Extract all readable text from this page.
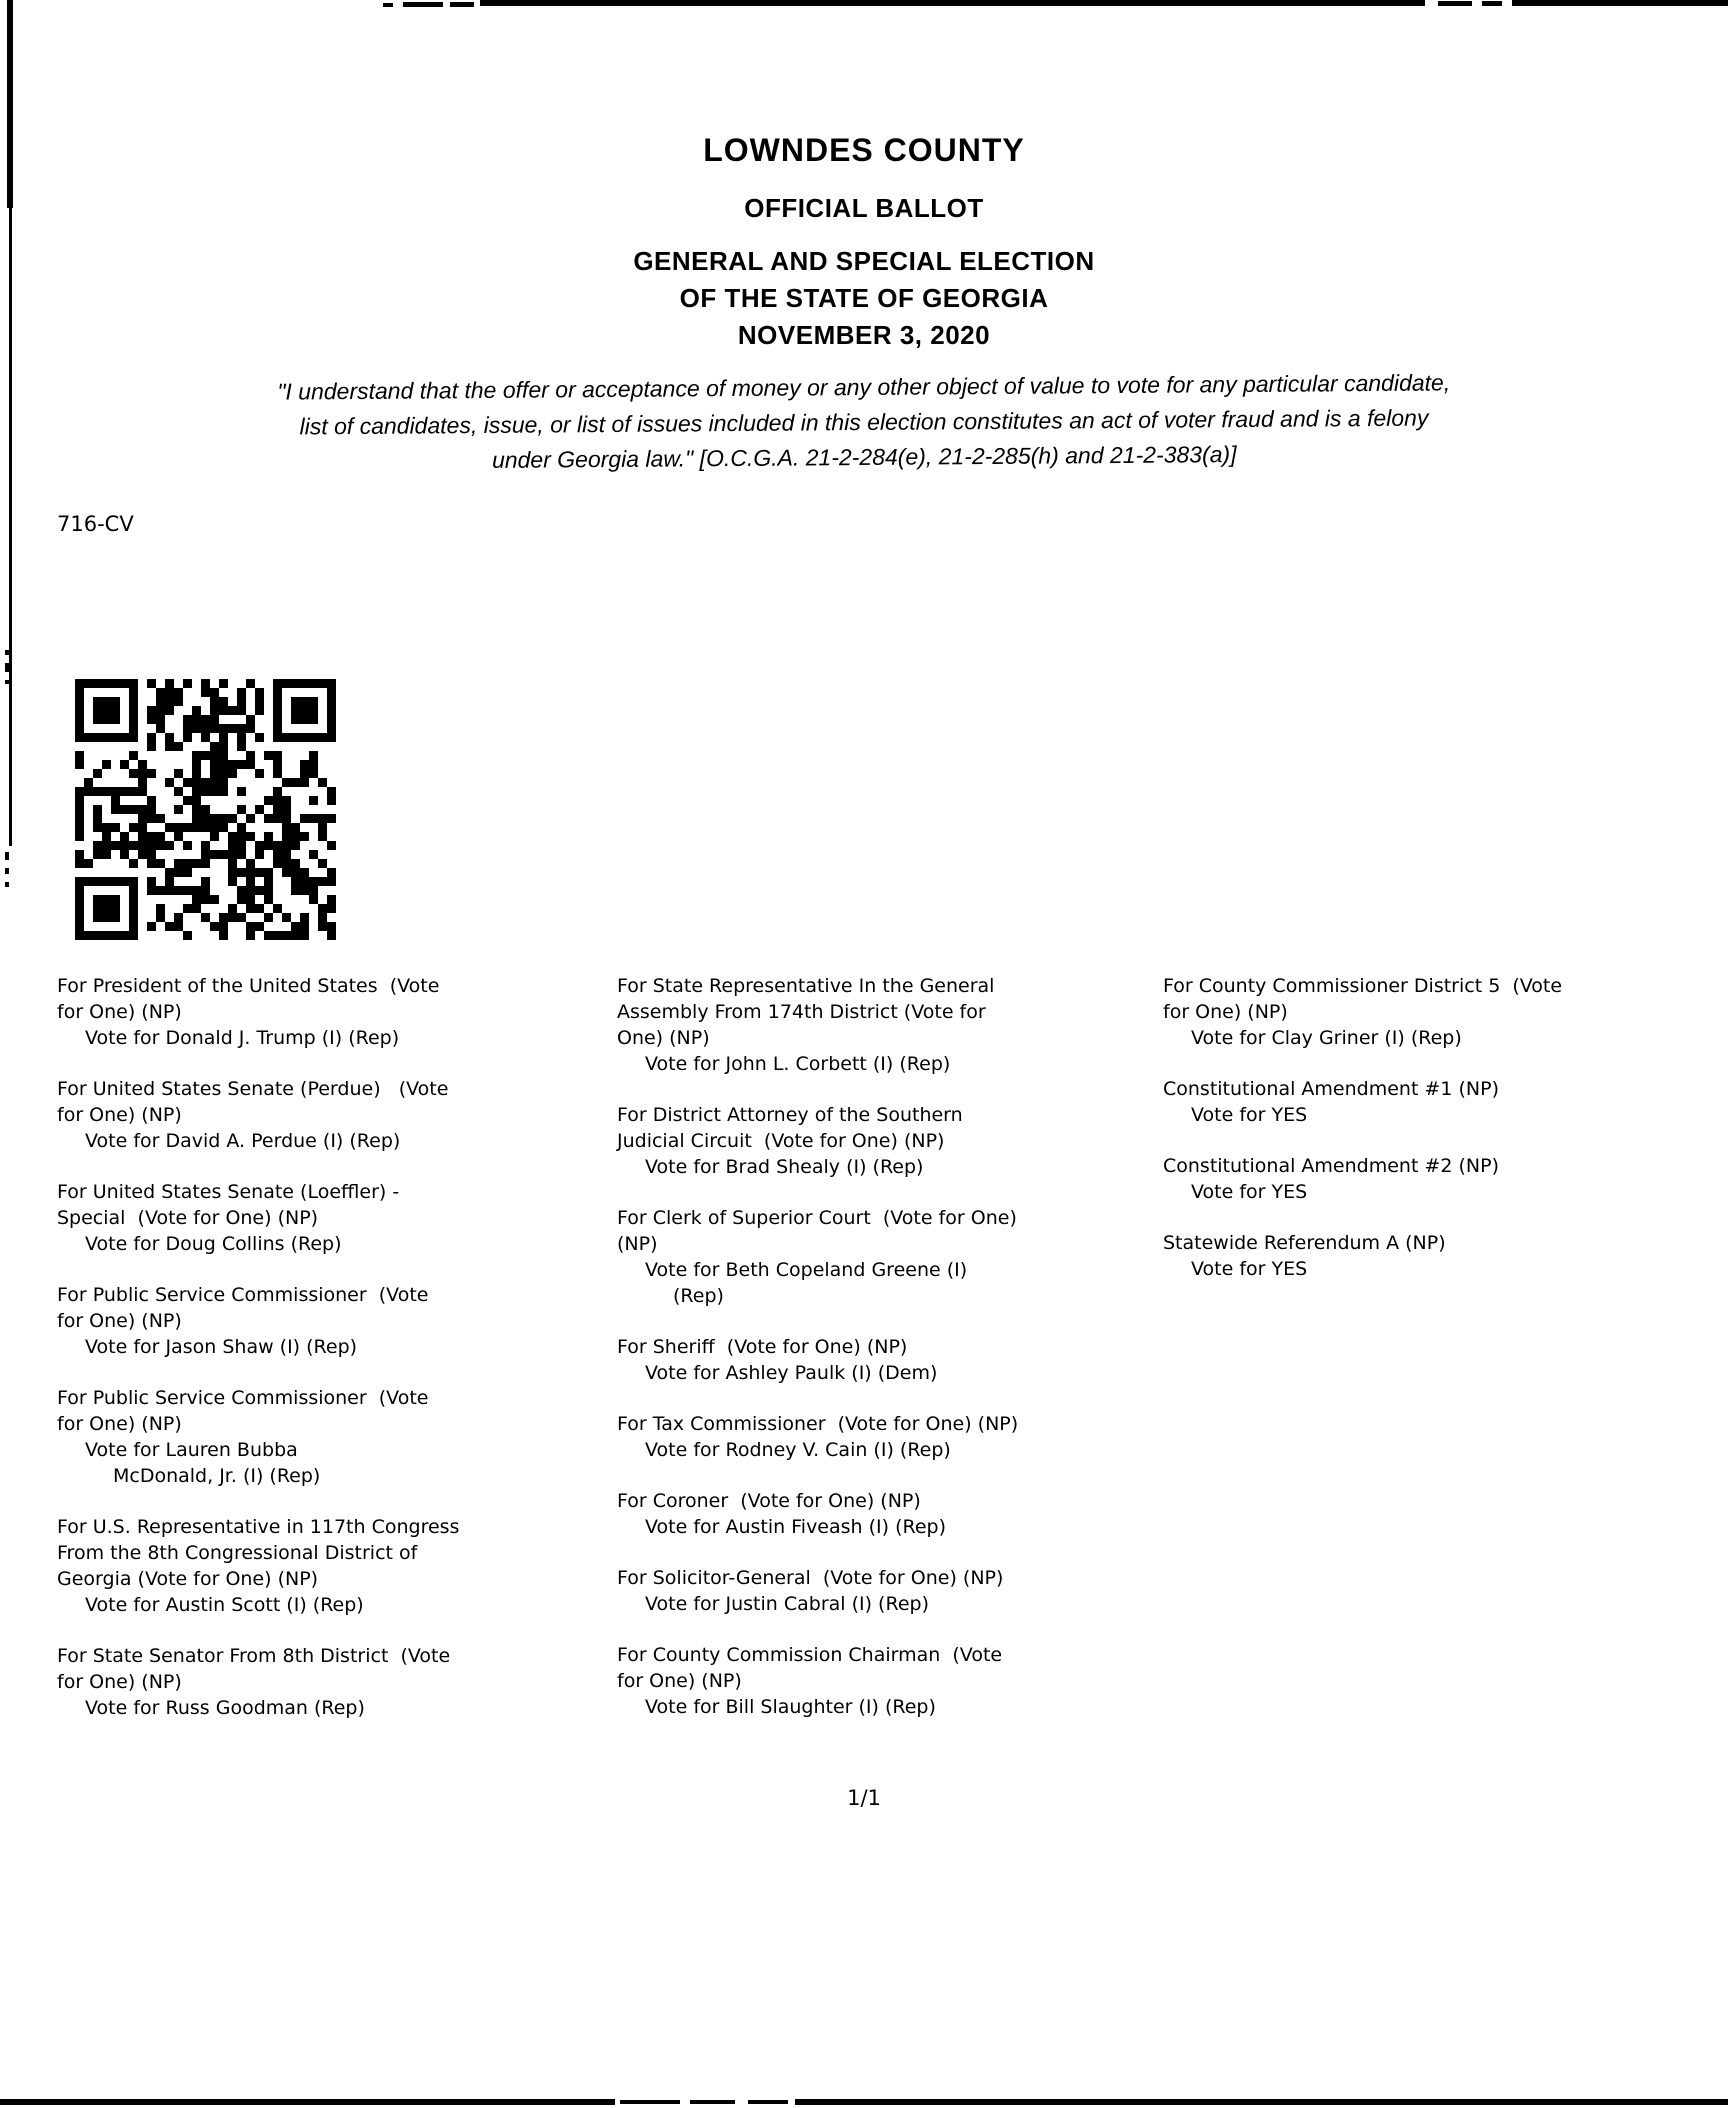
LOWNDES COUNTY
OFFICIAL BALLOT
GENERAL AND SPECIAL ELECTION
OF THE STATE OF GEORGIA
NOVEMBER 3, 2020
"I understand that the offer or acceptance of money or any other object of value to vote for any particular candidate,
list of candidates, issue, or list of issues included in this election constitutes an act of voter fraud and is a felony
under Georgia law." [O.C.G.A. 21-2-284(e), 21-2-285(h) and 21-2-383(a)]
716-CV
For President of the United States  (Vote
for One) (NP)
Vote for Donald J. Trump (I) (Rep)
For United States Senate (Perdue)   (Vote
for One) (NP)
Vote for David A. Perdue (I) (Rep)
For United States Senate (Loeffler) -
Special  (Vote for One) (NP)
Vote for Doug Collins (Rep)
For Public Service Commissioner  (Vote
for One) (NP)
Vote for Jason Shaw (I) (Rep)
For Public Service Commissioner  (Vote
for One) (NP)
Vote for Lauren Bubba
McDonald, Jr. (I) (Rep)
For U.S. Representative in 117th Congress
From the 8th Congressional District of
Georgia (Vote for One) (NP)
Vote for Austin Scott (I) (Rep)
For State Senator From 8th District  (Vote
for One) (NP)
Vote for Russ Goodman (Rep)
For State Representative In the General
Assembly From 174th District (Vote for
One) (NP)
Vote for John L. Corbett (I) (Rep)
For District Attorney of the Southern
Judicial Circuit  (Vote for One) (NP)
Vote for Brad Shealy (I) (Rep)
For Clerk of Superior Court  (Vote for One)
(NP)
Vote for Beth Copeland Greene (I)
(Rep)
For Sheriff  (Vote for One) (NP)
Vote for Ashley Paulk (I) (Dem)
For Tax Commissioner  (Vote for One) (NP)
Vote for Rodney V. Cain (I) (Rep)
For Coroner  (Vote for One) (NP)
Vote for Austin Fiveash (I) (Rep)
For Solicitor-General  (Vote for One) (NP)
Vote for Justin Cabral (I) (Rep)
For County Commission Chairman  (Vote
for One) (NP)
Vote for Bill Slaughter (I) (Rep)
For County Commissioner District 5  (Vote
for One) (NP)
Vote for Clay Griner (I) (Rep)
Constitutional Amendment #1 (NP)
Vote for YES
Constitutional Amendment #2 (NP)
Vote for YES
Statewide Referendum A (NP)
Vote for YES
1/1
